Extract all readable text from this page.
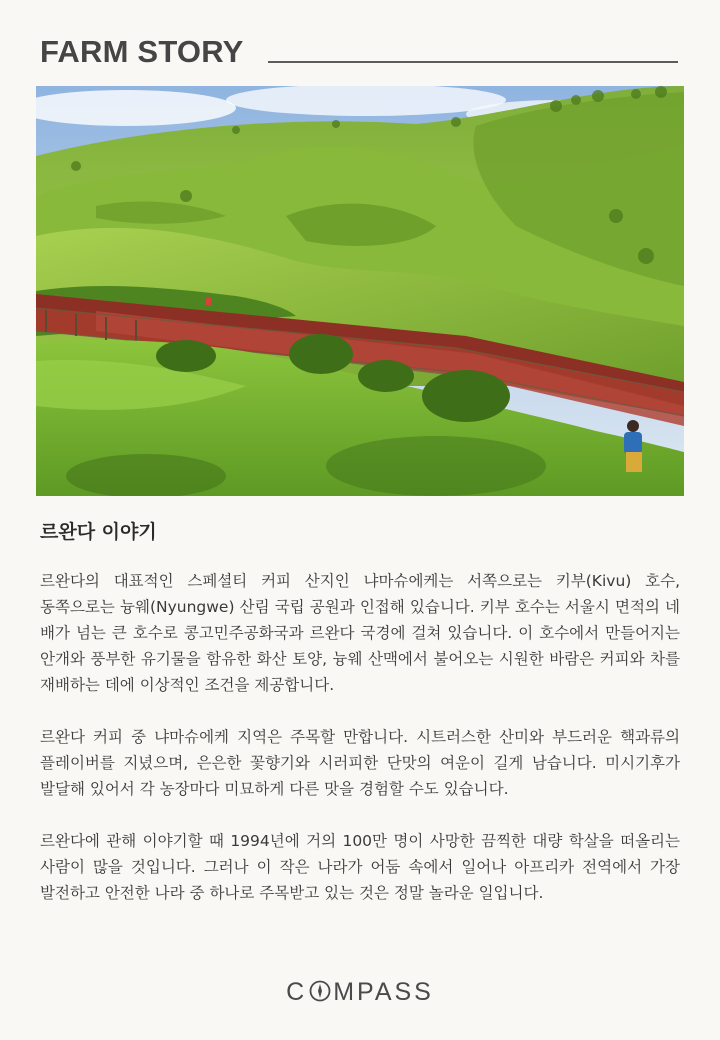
FARM STORY
르완다 이야기

르완다의 대표적인 스페셜티 커피 산지인 냐마슈에케는 서쪽으로는 키부(Kivu) 호수, 동쪽으로는 늉웨(Nyungwe) 산림 국립 공원과 인접해 있습니다. 키부 호수는 서울시 면적의 네 배가 넘는 큰 호수로 콩고민주공화국과 르완다 국경에 걸쳐 있습니다. 이 호수에서 만들어지는 안개와 풍부한 유기물을 함유한 화산 토양, 늉웨 산맥에서 불어오는 시원한 바람은 커피와 차를 재배하는 데에 이상적인 조건을 제공합니다.

르완다 커피 중 냐마슈에케 지역은 주목할 만합니다. 시트러스한 산미와 부드러운 핵과류의 플레이버를 지녔으며, 은은한 꽃향기와 시러피한 단맛의 여운이 길게 남습니다. 미시기후가 발달해 있어서 각 농장마다 미묘하게 다른 맛을 경험할 수도 있습니다.

르완다에 관해 이야기할 때 1994년에 거의 100만 명이 사망한 끔찍한 대량 학살을 떠올리는 사람이 많을 것입니다. 그러나 이 작은 나라가 어둠 속에서 일어나 아프리카 전역에서 가장 발전하고 안전한 나라 중 하나로 주목받고 있는 것은 정말 놀라운 일입니다.

C MPASS
